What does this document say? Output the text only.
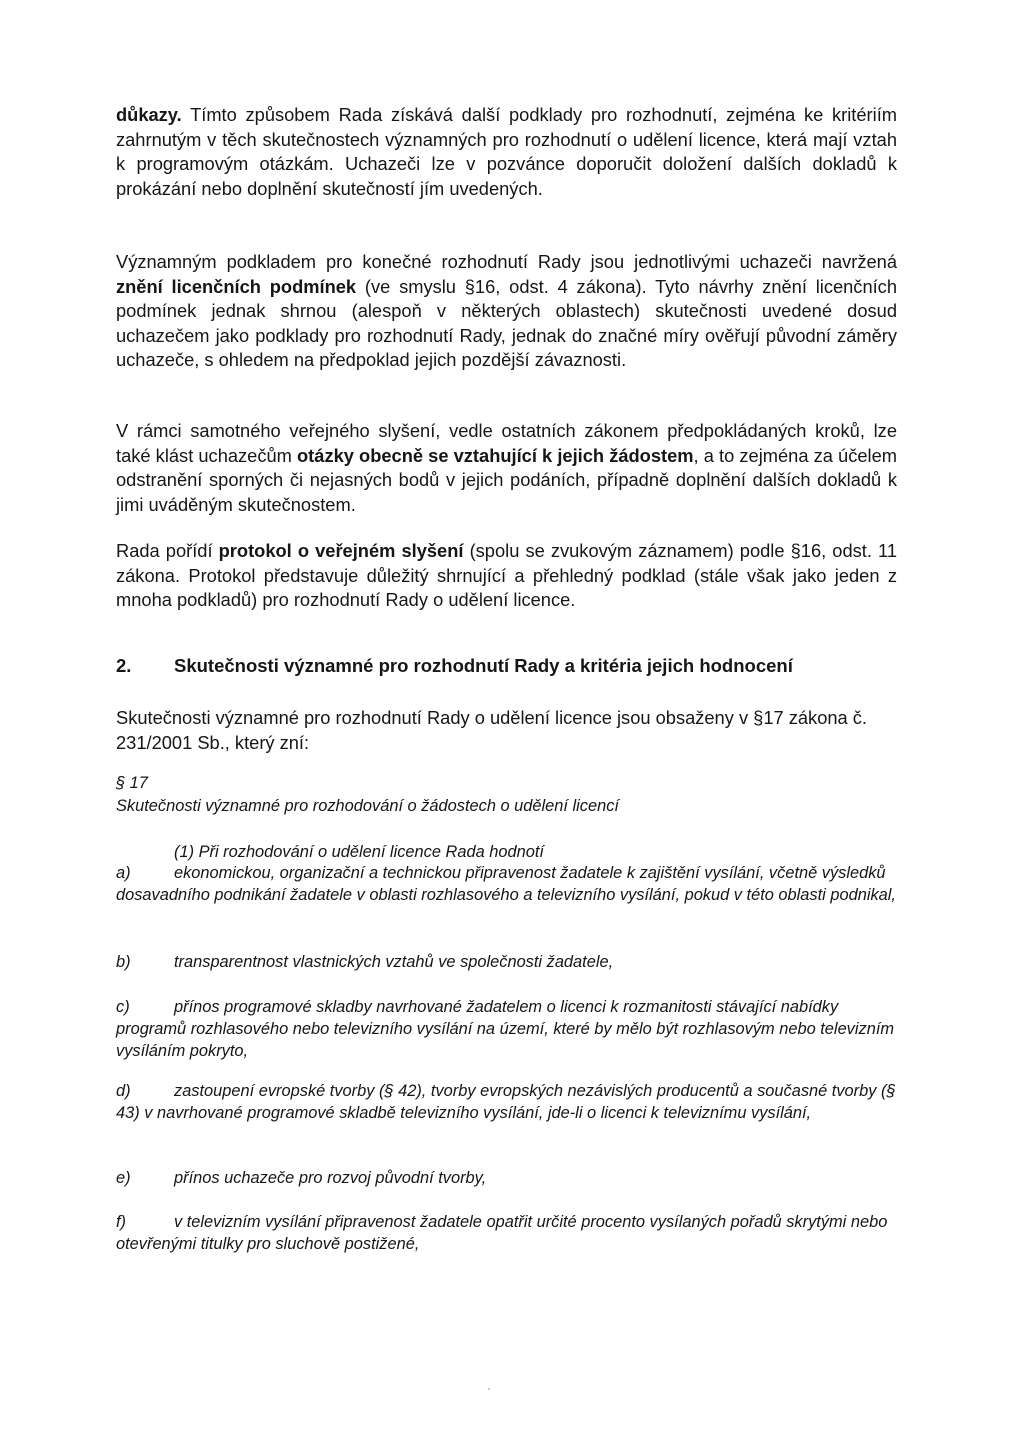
důkazy. Tímto způsobem Rada získává další podklady pro rozhodnutí, zejména ke kritériím zahrnutým v těch skutečnostech významných pro rozhodnutí o udělení licence, která mají vztah k programovým otázkám. Uchazeči lze v pozvánce doporučit doložení dalších dokladů k prokázání nebo doplnění skutečností jím uvedených.

Významným podkladem pro konečné rozhodnutí Rady jsou jednotlivými uchazeči navržená znění licenčních podmínek (ve smyslu §16, odst. 4 zákona). Tyto návrhy znění licenčních podmínek jednak shrnou (alespoň v některých oblastech) skutečnosti uvedené dosud uchazečem jako podklady pro rozhodnutí Rady, jednak do značné míry ověřují původní záměry uchazeče, s ohledem na předpoklad jejich pozdější závaznosti.

V rámci samotného veřejného slyšení, vedle ostatních zákonem předpokládaných kroků, lze také klást uchazečům otázky obecně se vztahující k jejich žádostem, a to zejména za účelem odstranění sporných či nejasných bodů v jejich podáních, případně doplnění dalších dokladů k jimi uváděným skutečnostem.

Rada pořídí protokol o veřejném slyšení (spolu se zvukovým záznamem) podle §16, odst. 11 zákona. Protokol představuje důležitý shrnující a přehledný podklad (stále však jako jeden z mnoha podkladů) pro rozhodnutí Rady o udělení licence.

2. Skutečnosti významné pro rozhodnutí Rady a kritéria jejich hodnocení

Skutečnosti významné pro rozhodnutí Rady o udělení licence jsou obsaženy v §17 zákona č. 231/2001 Sb., který zní:

§ 17

Skutečnosti významné pro rozhodování o žádostech o udělení licencí

(1) Při rozhodování o udělení licence Rada hodnotí

a)	ekonomickou, organizační a technickou připravenost žadatele k zajištění vysílání, včetně výsledků dosavadního podnikání žadatele v oblasti rozhlasového a televizního vysílání, pokud v této oblasti podnikal,

b)	transparentnost vlastnických vztahů ve společnosti žadatele,

c)	přínos programové skladby navrhované žadatelem o licenci k rozmanitosti stávající nabídky programů rozhlasového nebo televizního vysílání na území, které by mělo být rozhlasovým nebo televizním vysíláním pokryto,

d)	zastoupení evropské tvorby (§ 42), tvorby evropských nezávislých producentů a současné tvorby (§ 43) v navrhované programové skladbě televizního vysílání, jde-li o licenci k televiznímu vysílání,

e)	přínos uchazeče pro rozvoj původní tvorby,

f)	v televizním vysílání připravenost žadatele opatřit určité procento vysílaných pořadů skrytými nebo otevřenými titulky pro sluchově postižené,
